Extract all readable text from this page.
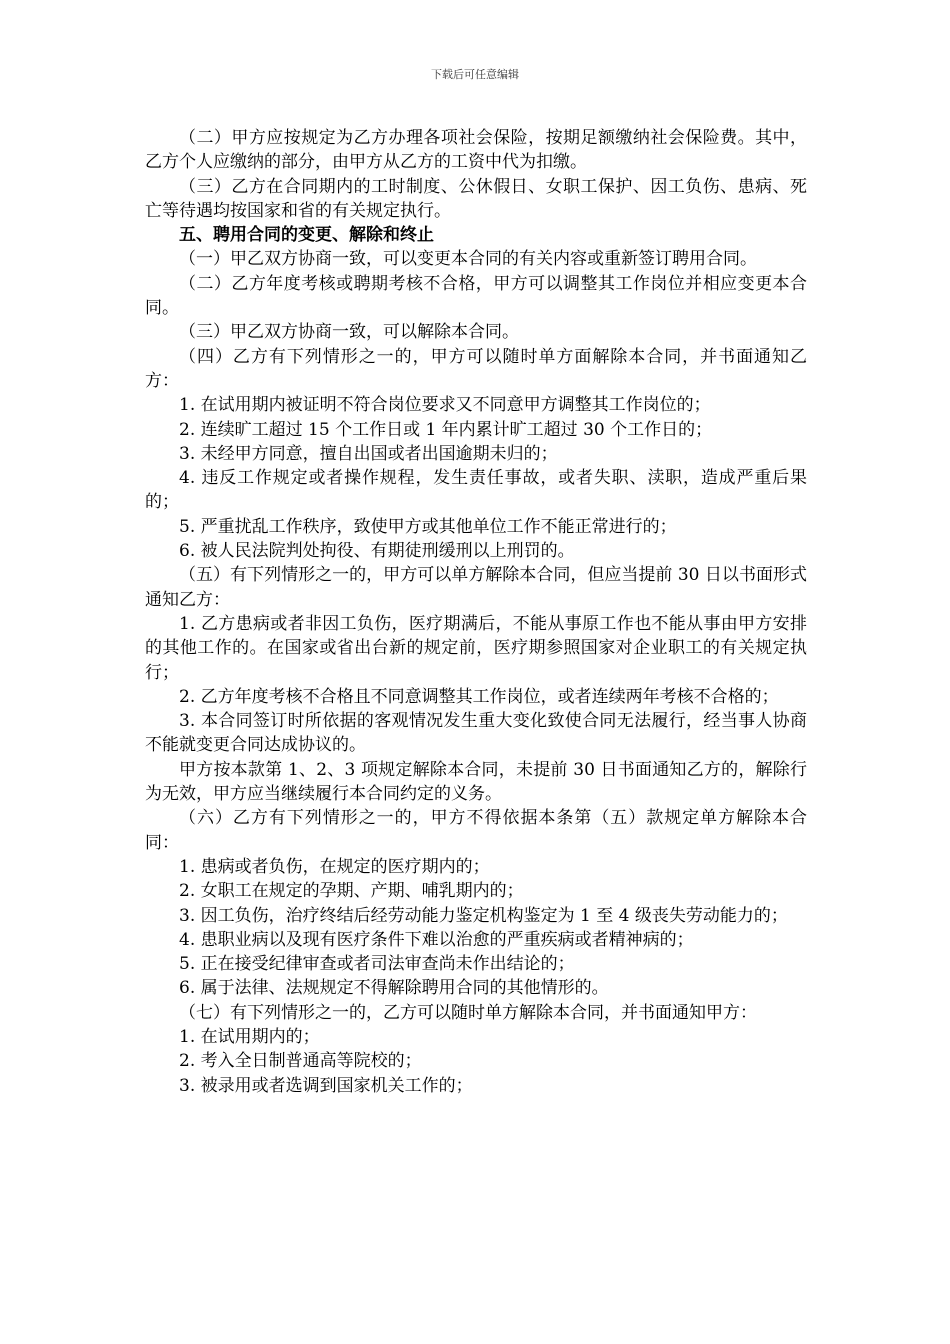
下载后可任意编辑

（二）甲方应按规定为乙方办理各项社会保险，按期足额缴纳社会保险费。其中，乙方个人应缴纳的部分，由甲方从乙方的工资中代为扣缴。

（三）乙方在合同期内的工时制度、公休假日、女职工保护、因工负伤、患病、死亡等待遇均按国家和省的有关规定执行。

五、聘用合同的变更、解除和终止

（一）甲乙双方协商一致，可以变更本合同的有关内容或重新签订聘用合同。

（二）乙方年度考核或聘期考核不合格，甲方可以调整其工作岗位并相应变更本合同。

（三）甲乙双方协商一致，可以解除本合同。

（四）乙方有下列情形之一的，甲方可以随时单方面解除本合同，并书面通知乙方：

1. 在试用期内被证明不符合岗位要求又不同意甲方调整其工作岗位的；

2. 连续旷工超过 15 个工作日或 1 年内累计旷工超过 30 个工作日的；

3. 未经甲方同意，擅自出国或者出国逾期未归的；

4. 违反工作规定或者操作规程，发生责任事故，或者失职、渎职，造成严重后果的；

5. 严重扰乱工作秩序，致使甲方或其他单位工作不能正常进行的；

6. 被人民法院判处拘役、有期徒刑缓刑以上刑罚的。

（五）有下列情形之一的，甲方可以单方解除本合同，但应当提前 30 日以书面形式通知乙方：

1. 乙方患病或者非因工负伤，医疗期满后，不能从事原工作也不能从事由甲方安排的其他工作的。在国家或省出台新的规定前，医疗期参照国家对企业职工的有关规定执行；

2. 乙方年度考核不合格且不同意调整其工作岗位，或者连续两年考核不合格的；

3. 本合同签订时所依据的客观情况发生重大变化致使合同无法履行，经当事人协商不能就变更合同达成协议的。

甲方按本款第 1、2、3 项规定解除本合同，未提前 30 日书面通知乙方的，解除行为无效，甲方应当继续履行本合同约定的义务。

（六）乙方有下列情形之一的，甲方不得依据本条第（五）款规定单方解除本合同：

1. 患病或者负伤，在规定的医疗期内的；

2. 女职工在规定的孕期、产期、哺乳期内的；

3. 因工负伤，治疗终结后经劳动能力鉴定机构鉴定为 1 至 4 级丧失劳动能力的；

4. 患职业病以及现有医疗条件下难以治愈的严重疾病或者精神病的；

5. 正在接受纪律审查或者司法审查尚未作出结论的；

6. 属于法律、法规规定不得解除聘用合同的其他情形的。

（七）有下列情形之一的，乙方可以随时单方解除本合同，并书面通知甲方：

1. 在试用期内的；

2. 考入全日制普通高等院校的；

3. 被录用或者选调到国家机关工作的；
